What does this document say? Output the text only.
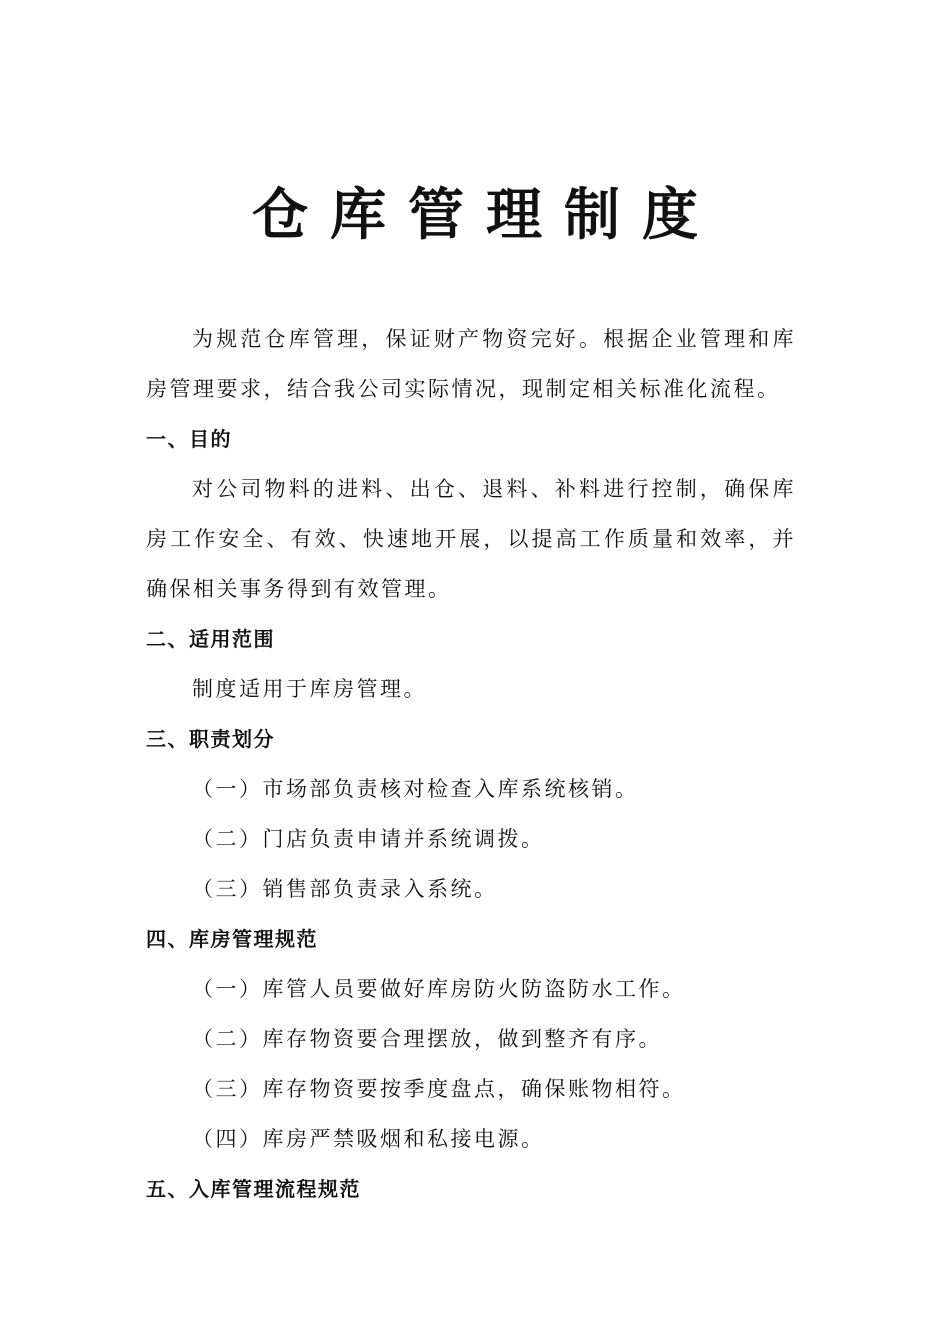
仓库管理制度
为规范仓库管理，保证财产物资完好。根据企业管理和库房管理要求，结合我公司实际情况，现制定相关标准化流程。
一、目的
对公司物料的进料、出仓、退料、补料进行控制，确保库房工作安全、有效、快速地开展，以提高工作质量和效率，并确保相关事务得到有效管理。
二、适用范围
制度适用于库房管理。
三、职责划分
（一）市场部负责核对检查入库系统核销。
（二）门店负责申请并系统调拨。
（三）销售部负责录入系统。
四、库房管理规范
（一）库管人员要做好库房防火防盗防水工作。
（二）库存物资要合理摆放，做到整齐有序。
（三）库存物资要按季度盘点，确保账物相符。
（四）库房严禁吸烟和私接电源。
五、入库管理流程规范
